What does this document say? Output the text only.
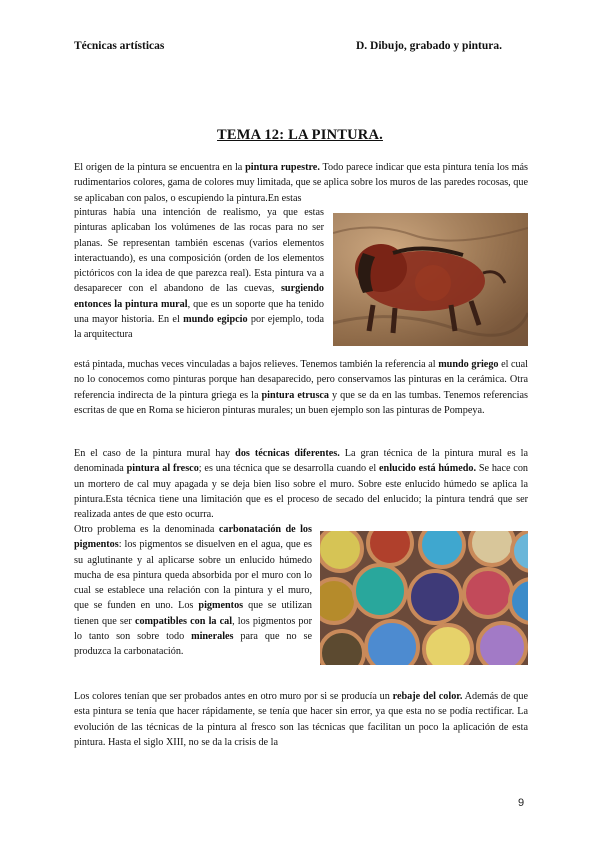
Técnicas artísticas	D. Dibujo, grabado y pintura.
TEMA 12: LA PINTURA.

El origen de la pintura se encuentra en la pintura rupestre. Todo parece indicar que esta pintura tenía los más rudimentarios colores, gama de colores muy limitada, que se aplica sobre los muros de las paredes rocosas, que se aplicaban con palos, o escupiendo la pintura.En estas

pinturas había una intención de realismo, ya que estas pinturas aplicaban los volúmenes de las rocas para no ser planas. Se representan también escenas (varios elementos interactuando), es una composición (orden de los elementos pictóricos con la idea de que parezca real). Esta pintura va a desaparecer con el abandono de las cuevas, surgiendo entonces la pintura mural, que es un soporte que ha tenido una mayor historia. En el mundo egipcio por ejemplo, toda la arquitectura

está pintada, muchas veces vinculadas a bajos relieves. Tenemos también la referencia al mundo griego el cual no lo conocemos como pinturas porque han desaparecido, pero conservamos las pinturas en la cerámica. Otra referencia indirecta de la pintura griega es la pintura etrusca y que se da en las tumbas. Tenemos referencias escritas de que en Roma se hicieron pinturas murales; un buen ejemplo son las pinturas de Pompeya.

En el caso de la pintura mural hay dos técnicas diferentes. La gran técnica de la pintura mural es la denominada pintura al fresco; es una técnica que se desarrolla cuando el enlucido está húmedo. Se hace con un mortero de cal muy apagada y se deja bien liso sobre el muro. Sobre este enlucido húmedo se aplica la pintura.Esta técnica tiene una limitación que es el proceso de secado del enlucido; la pintura tendrá que ser realizada antes de que esto ocurra.

Otro problema es la denominada carbonatación de los pigmentos: los pigmentos se disuelven en el agua, que es su aglutinante y al aplicarse sobre un enlucido húmedo mucha de esa pintura queda absorbida por el muro con lo cual se establece una relación con la pintura y el muro, que se funden en uno. Los pigmentos que se utilizan tienen que ser compatibles con la cal, los pigmentos por lo tanto son sobre todo minerales para que no se produzca la carbonatación.

Los colores tenían que ser probados antes en otro muro por si se producía un rebaje del color. Además de que esta pintura se tenía que hacer rápidamente, se tenía que hacer sin error, ya que esta no se podía rectificar. La evolución de las técnicas de la pintura al fresco son las técnicas que facilitan un poco la aplicación de esta pintura. Hasta el siglo XIII, no se da la crisis de la

9
